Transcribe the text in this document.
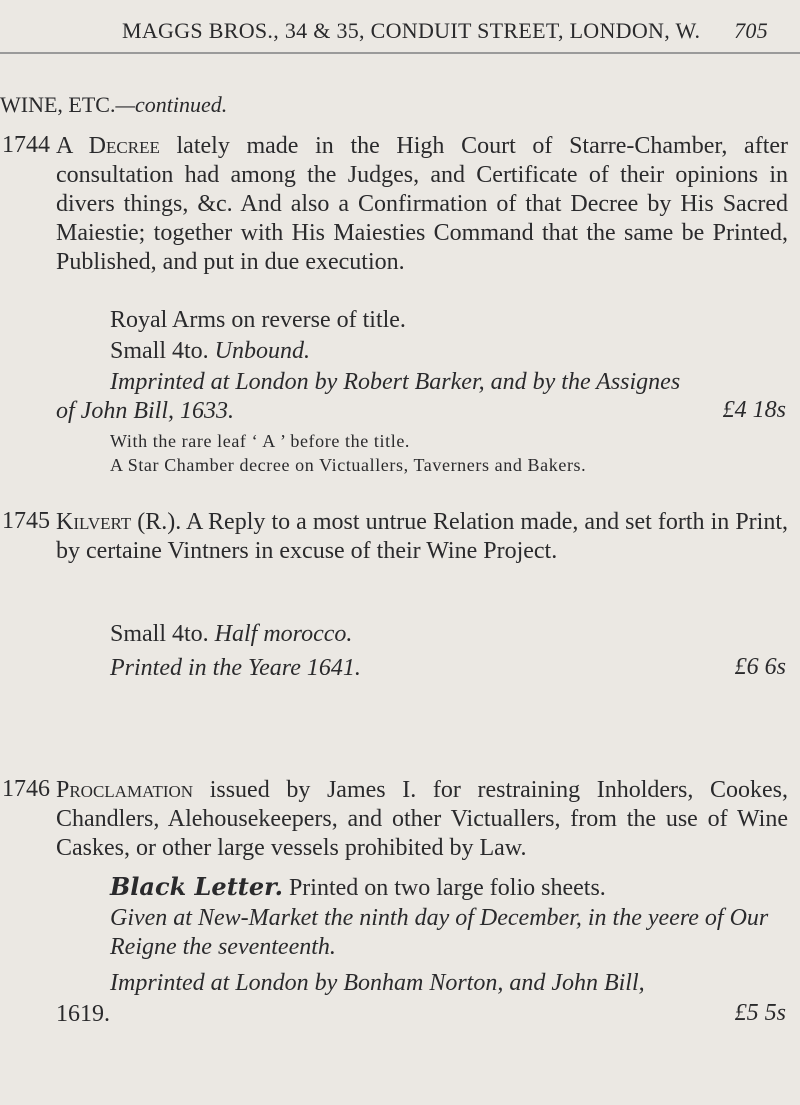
MAGGS BROS., 34 & 35, CONDUIT STREET, LONDON, W. 705
WINE, ETC.—continued.
1744 A Decree lately made in the High Court of Starre-Chamber, after consultation had among the Judges, and Certificate of their opinions in divers things, &c. And also a Confirmation of that Decree by His Sacred Maiestie; together with His Maiesties Command that the same be Printed, Published, and put in due execution.
Royal Arms on reverse of title.
Small 4to. Unbound.
Imprinted at London by Robert Barker, and by the Assignes
of John Bill, 1633.	£4 18s
With the rare leaf ‘ A ’ before the title.
A Star Chamber decree on Victuallers, Taverners and Bakers.
1745 Kilvert (R.). A Reply to a most untrue Relation made, and set forth in Print, by certaine Vintners in excuse of their Wine Project.
Small 4to. Half morocco.
Printed in the Yeare 1641.	£6 6s
1746 Proclamation issued by James I. for restraining Inholders, Cookes, Chandlers, Alehousekeepers, and other Victuallers, from the use of Wine Caskes, or other large vessels prohibited by Law.
Black Letter. Printed on two large folio sheets.
Given at New-Market the ninth day of December, in the yeere of Our Reigne the seventeenth.
Imprinted at London by Bonham Norton, and John Bill,
1619.	£5 5s
